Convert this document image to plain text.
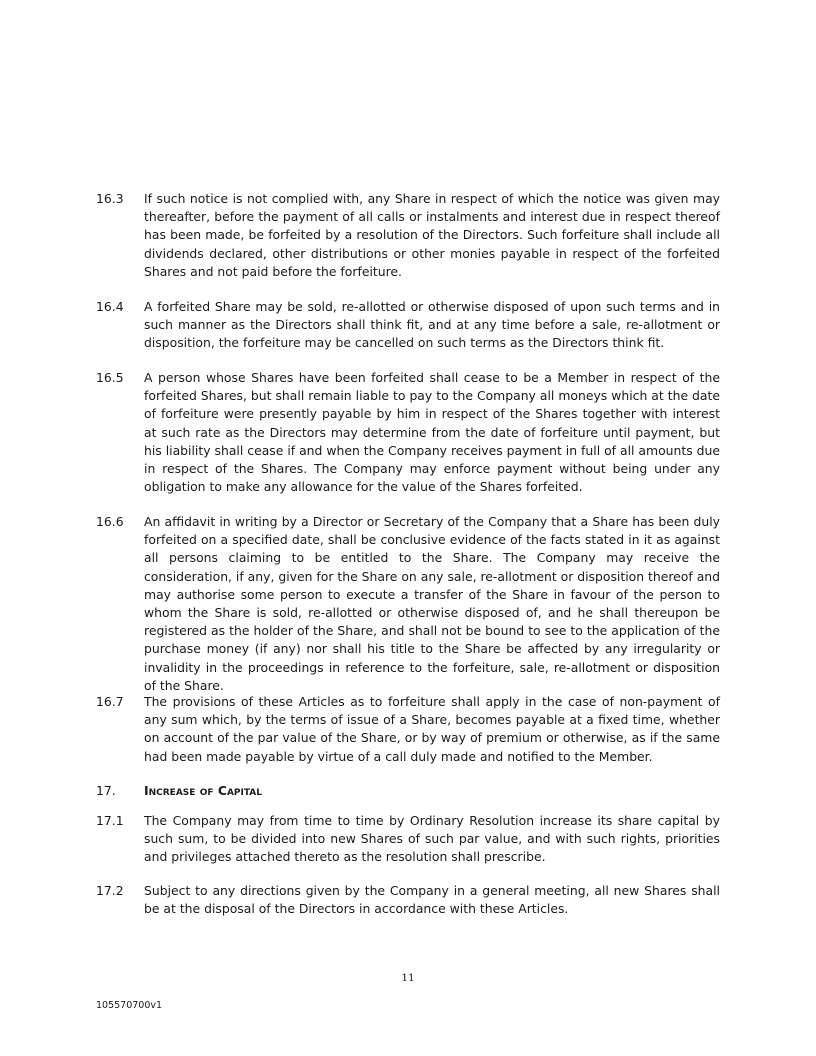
16.3	If such notice is not complied with, any Share in respect of which the notice was given may thereafter, before the payment of all calls or instalments and interest due in respect thereof has been made, be forfeited by a resolution of the Directors. Such forfeiture shall include all dividends declared, other distributions or other monies payable in respect of the forfeited Shares and not paid before the forfeiture.
16.4	A forfeited Share may be sold, re-allotted or otherwise disposed of upon such terms and in such manner as the Directors shall think fit, and at any time before a sale, re-allotment or disposition, the forfeiture may be cancelled on such terms as the Directors think fit.
16.5	A person whose Shares have been forfeited shall cease to be a Member in respect of the forfeited Shares, but shall remain liable to pay to the Company all moneys which at the date of forfeiture were presently payable by him in respect of the Shares together with interest at such rate as the Directors may determine from the date of forfeiture until payment, but his liability shall cease if and when the Company receives payment in full of all amounts due in respect of the Shares. The Company may enforce payment without being under any obligation to make any allowance for the value of the Shares forfeited.
16.6	An affidavit in writing by a Director or Secretary of the Company that a Share has been duly forfeited on a specified date, shall be conclusive evidence of the facts stated in it as against all persons claiming to be entitled to the Share. The Company may receive the consideration, if any, given for the Share on any sale, re-allotment or disposition thereof and may authorise some person to execute a transfer of the Share in favour of the person to whom the Share is sold, re-allotted or otherwise disposed of, and he shall thereupon be registered as the holder of the Share, and shall not be bound to see to the application of the purchase money (if any) nor shall his title to the Share be affected by any irregularity or invalidity in the proceedings in reference to the forfeiture, sale, re-allotment or disposition of the Share.
16.7	The provisions of these Articles as to forfeiture shall apply in the case of non-payment of any sum which, by the terms of issue of a Share, becomes payable at a fixed time, whether on account of the par value of the Share, or by way of premium or otherwise, as if the same had been made payable by virtue of a call duly made and notified to the Member.
17.	Increase of Capital
17.1	The Company may from time to time by Ordinary Resolution increase its share capital by such sum, to be divided into new Shares of such par value, and with such rights, priorities and privileges attached thereto as the resolution shall prescribe.
17.2	Subject to any directions given by the Company in a general meeting, all new Shares shall be at the disposal of the Directors in accordance with these Articles.
11
105570700v1
